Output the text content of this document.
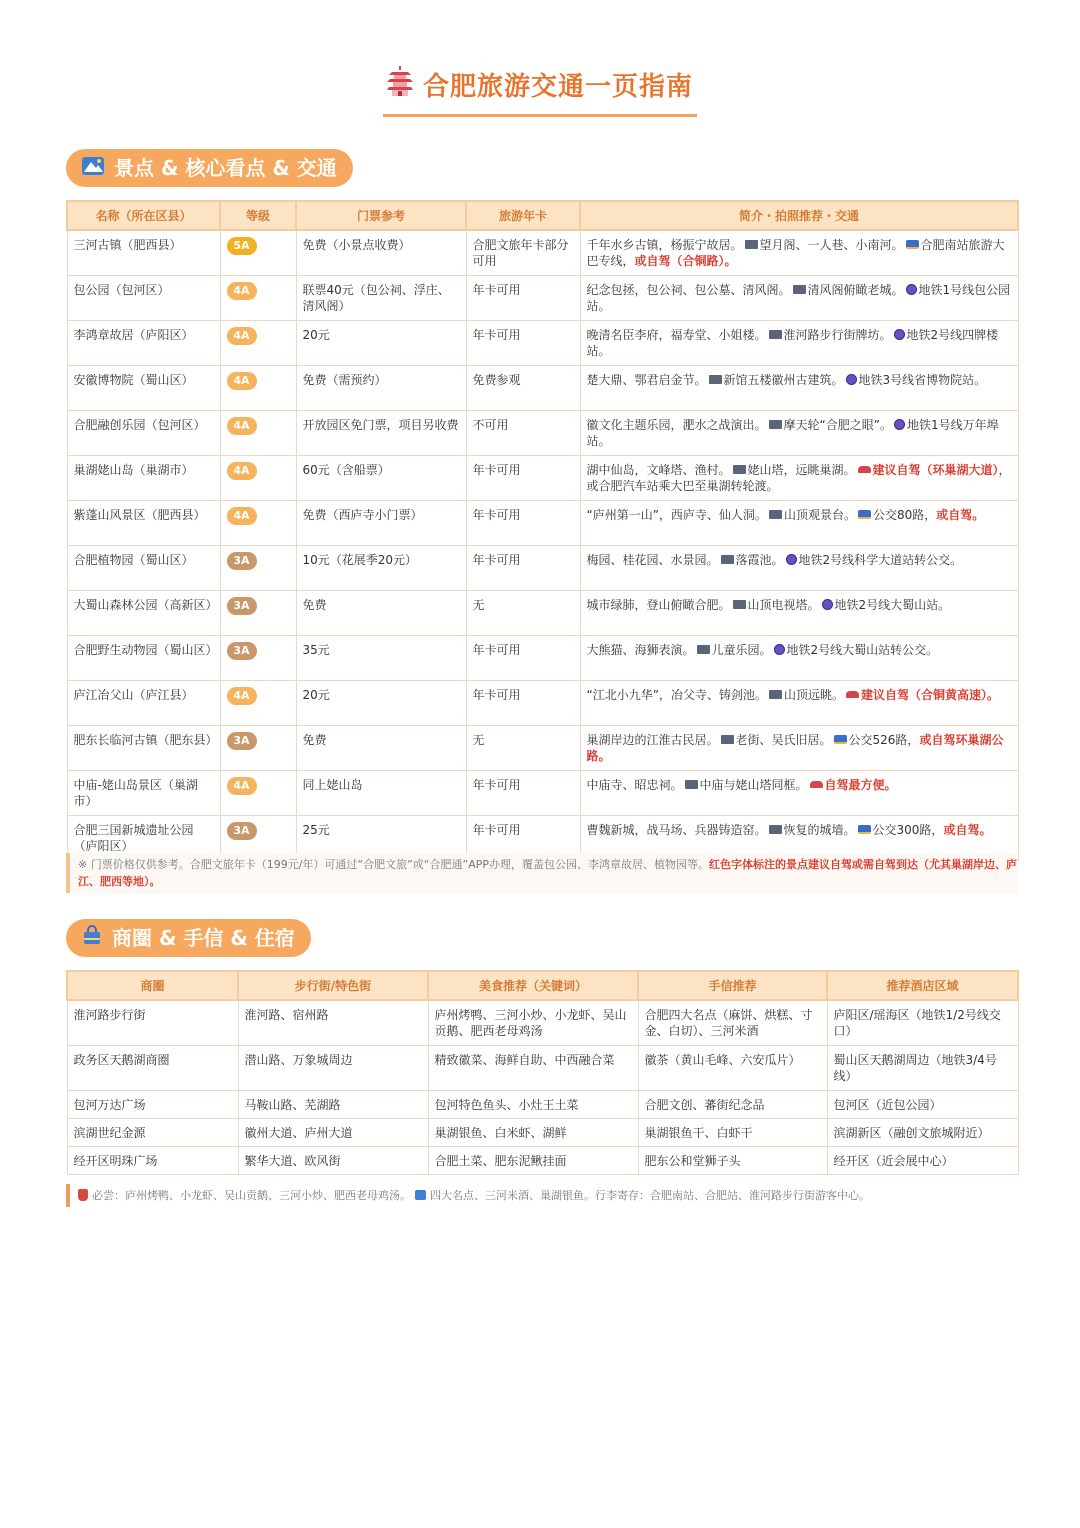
合肥旅游交通一页指南
景点 & 核心看点 & 交通
名称（所在区县）	等级	门票参考	旅游年卡	简介・拍照推荐・交通
三河古镇（肥西县）	5A	免费（小景点收费）	合肥文旅年卡部分可用	千年水乡古镇，杨振宁故居。 望月阁、一人巷、小南河。 合肥南站旅游大巴专线，或自驾（合铜路）。
包公园（包河区）	4A	联票40元（包公祠、浮庄、清风阁）	年卡可用	纪念包拯，包公祠、包公墓、清风阁。 清风阁俯瞰老城。 地铁1号线包公园站。
李鸿章故居（庐阳区）	4A	20元	年卡可用	晚清名臣李府，福寿堂、小姐楼。 淮河路步行街牌坊。 地铁2号线四牌楼站。
安徽博物院（蜀山区）	4A	免费（需预约）	免费参观	楚大鼎、鄂君启金节。 新馆五楼徽州古建筑。 地铁3号线省博物院站。
合肥融创乐园（包河区）	4A	开放园区免门票，项目另收费	不可用	徽文化主题乐园，淝水之战演出。 摩天轮“合肥之眼”。 地铁1号线万年埠站。
巢湖姥山岛（巢湖市）	4A	60元（含船票）	年卡可用	湖中仙岛，文峰塔、渔村。 姥山塔，远眺巢湖。 建议自驾（环巢湖大道），或合肥汽车站乘大巴至巢湖转轮渡。
紫蓬山风景区（肥西县）	4A	免费（西庐寺小门票）	年卡可用	“庐州第一山”，西庐寺、仙人洞。 山顶观景台。 公交80路，或自驾。
合肥植物园（蜀山区）	3A	10元（花展季20元）	年卡可用	梅园、桂花园、水景园。 落霞池。 地铁2号线科学大道站转公交。
大蜀山森林公园（高新区）	3A	免费	无	城市绿肺，登山俯瞰合肥。 山顶电视塔。 地铁2号线大蜀山站。
合肥野生动物园（蜀山区）	3A	35元	年卡可用	大熊猫、海狮表演。 儿童乐园。 地铁2号线大蜀山站转公交。
庐江冶父山（庐江县）	4A	20元	年卡可用	“江北小九华”，冶父寺、铸剑池。 山顶远眺。 建议自驾（合铜黄高速）。
肥东长临河古镇（肥东县）	3A	免费	无	巢湖岸边的江淮古民居。 老街、吴氏旧居。 公交526路，或自驾环巢湖公路。
中庙-姥山岛景区（巢湖市）	4A	同上姥山岛	年卡可用	中庙寺、昭忠祠。 中庙与姥山塔同框。 自驾最方便。
合肥三国新城遗址公园（庐阳区）	3A	25元	年卡可用	曹魏新城，战马场、兵器铸造窑。 恢复的城墙。 公交300路，或自驾。
※ 门票价格仅供参考。合肥文旅年卡（199元/年）可通过“合肥文旅”或“合肥通”APP办理，覆盖包公园、李鸿章故居、植物园等。红色字体标注的景点建议自驾或需自驾到达（尤其巢湖岸边、庐江、肥西等地）。
商圈 & 手信 & 住宿
商圈	步行街/特色街	美食推荐（关键词）	手信推荐	推荐酒店区域
淮河路步行街	淮河路、宿州路	庐州烤鸭、三河小炒、小龙虾、吴山贡鹅、肥西老母鸡汤	合肥四大名点（麻饼、烘糕、寸金、白切）、三河米酒	庐阳区/瑶海区（地铁1/2号线交口）
政务区天鹅湖商圈	潜山路、万象城周边	精致徽菜、海鲜自助、中西融合菜	徽茶（黄山毛峰、六安瓜片）	蜀山区天鹅湖周边（地铁3/4号线）
包河万达广场	马鞍山路、芜湖路	包河特色鱼头、小灶王土菜	合肥文创、蕃街纪念品	包河区（近包公园）
滨湖世纪金源	徽州大道、庐州大道	巢湖银鱼、白米虾、湖鲜	巢湖银鱼干、白虾干	滨湖新区（融创文旅城附近）
经开区明珠广场	繁华大道、欧风街	合肥土菜、肥东泥鳅挂面	肥东公和堂狮子头	经开区（近会展中心）
必尝：庐州烤鸭、小龙虾、吴山贡鹅、三河小炒、肥西老母鸡汤。 四大名点、三河米酒、巢湖银鱼。行李寄存：合肥南站、合肥站、淮河路步行街游客中心。
